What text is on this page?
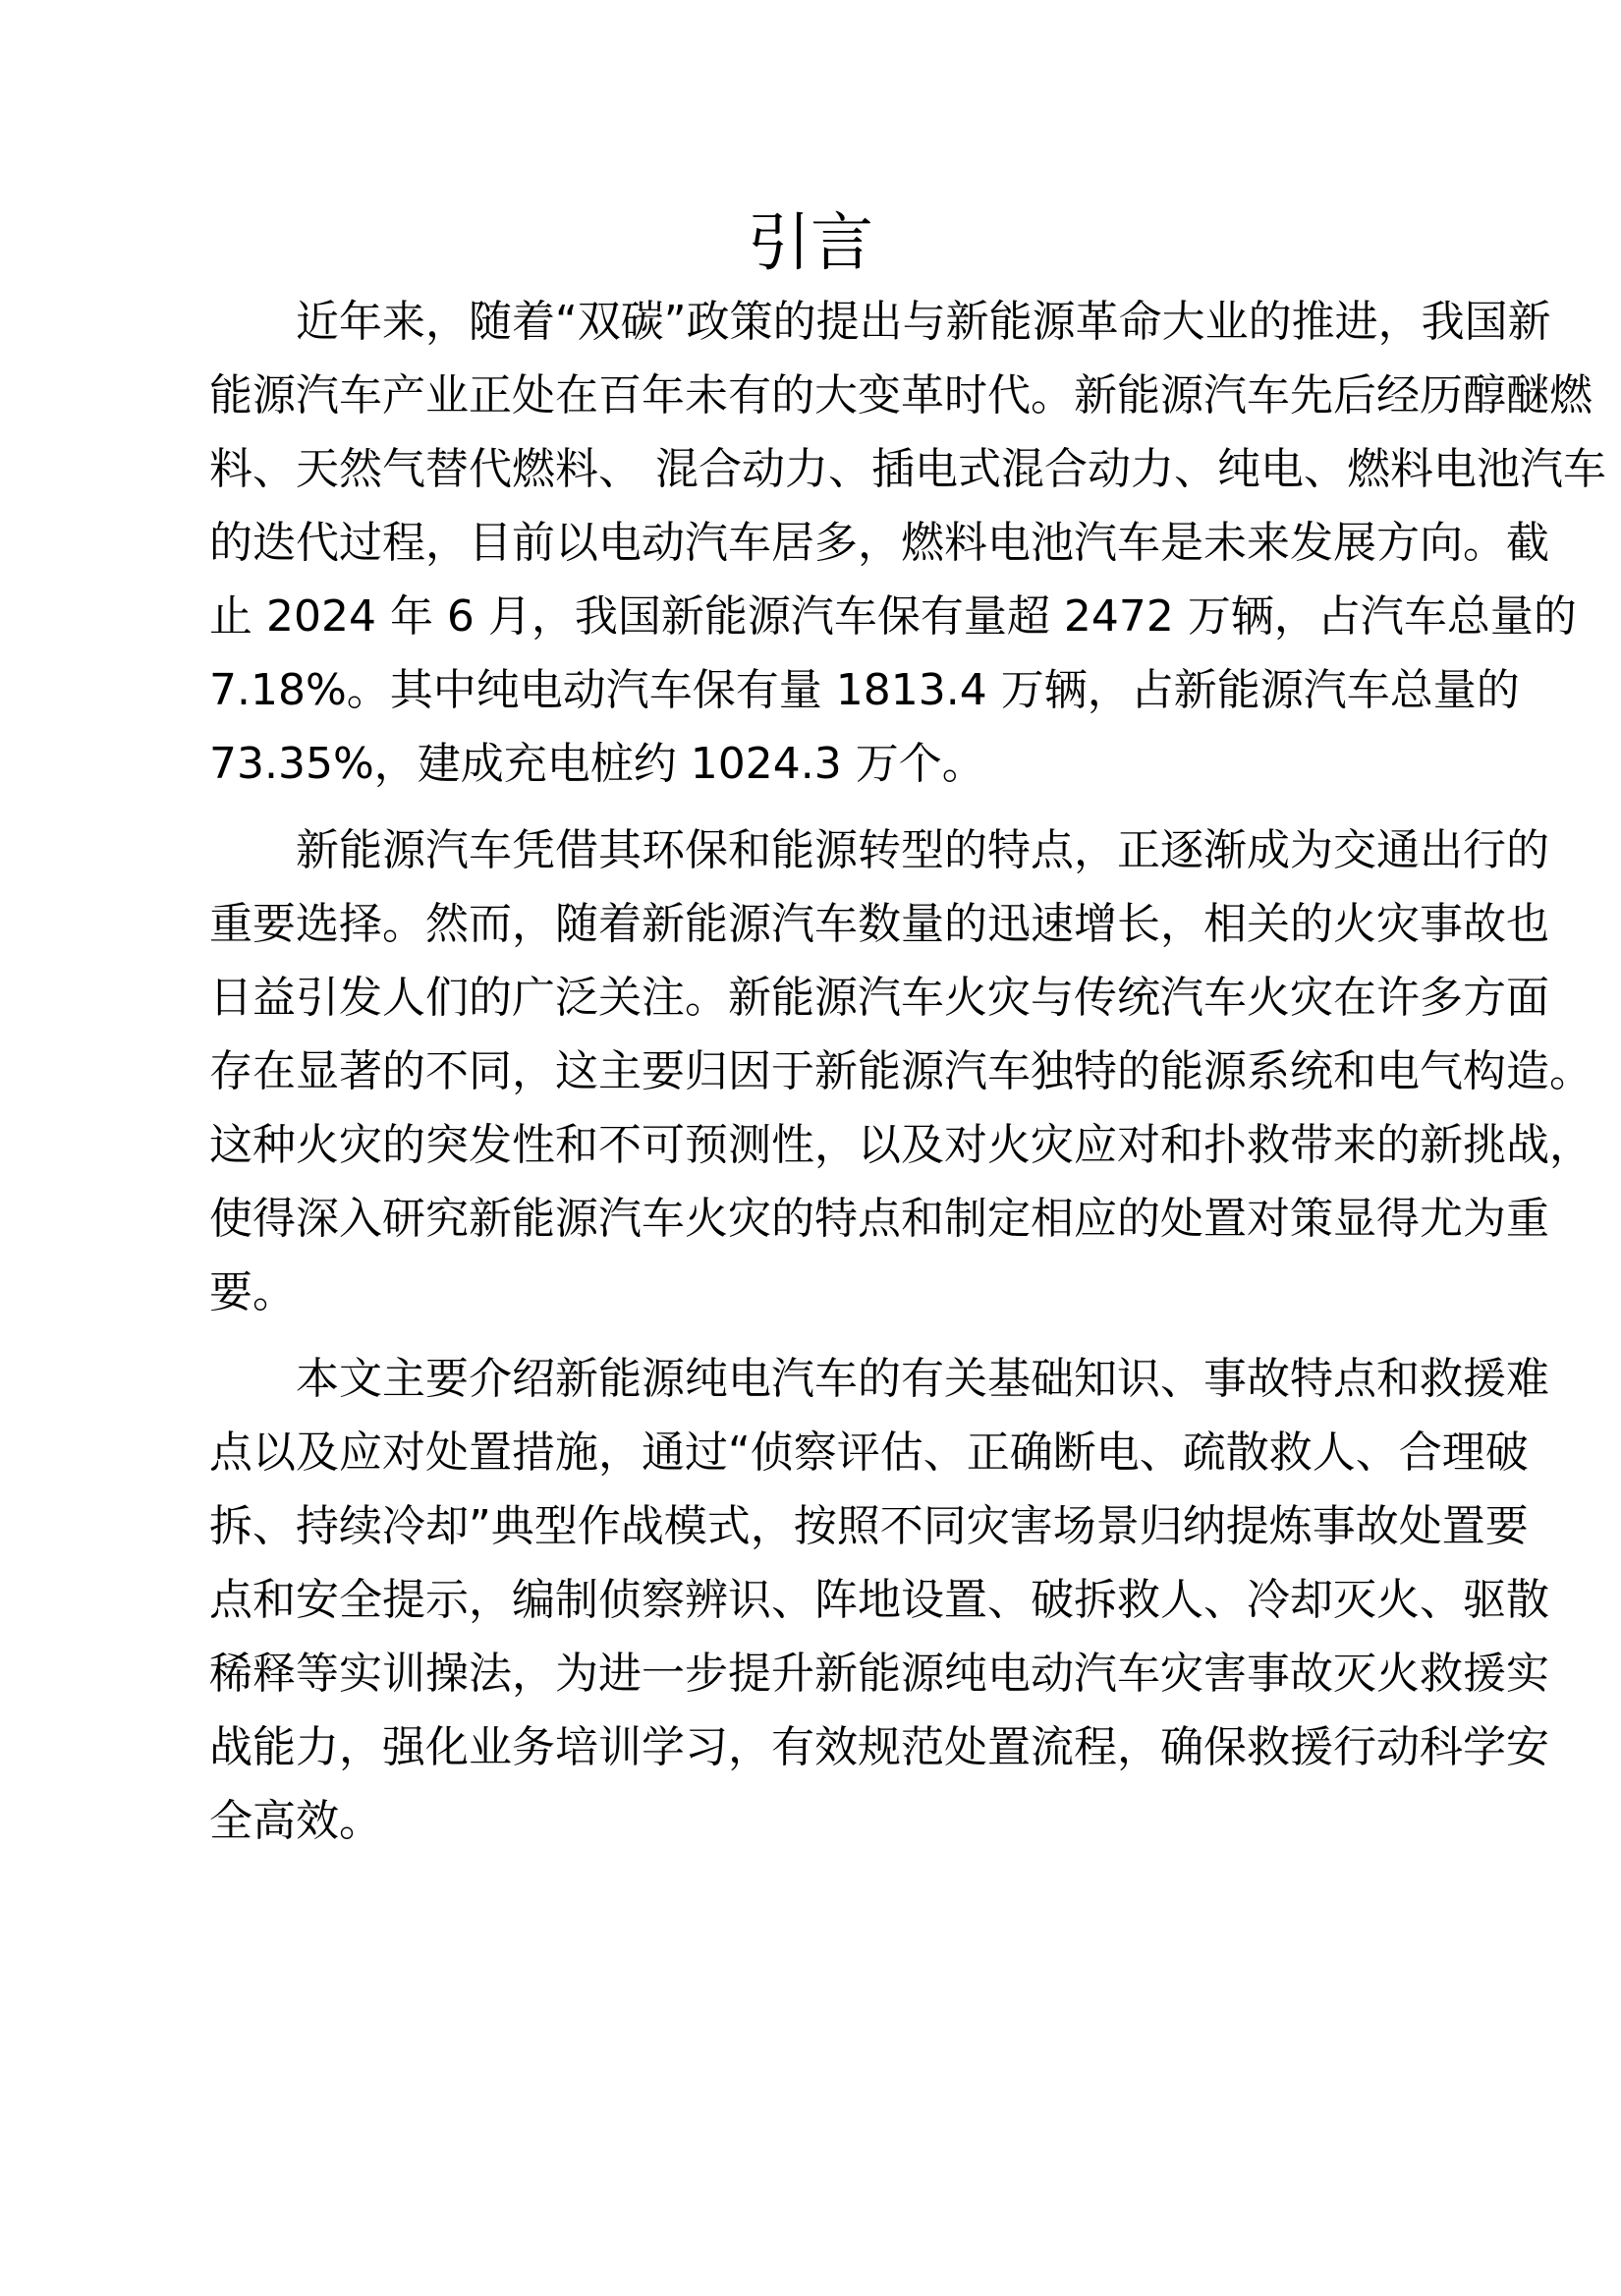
引言
近年来，随着“双碳”政策的提出与新能源革命大业的推进，我国新
能源汽车产业正处在百年未有的大变革时代。新能源汽车先后经历醇醚燃
料、天然气替代燃料、 混合动力、插电式混合动力、纯电、燃料电池汽车
的迭代过程，目前以电动汽车居多，燃料电池汽车是未来发展方向。截
止 2024 年 6 月，我国新能源汽车保有量超 2472 万辆，占汽车总量的
7.18%。其中纯电动汽车保有量 1813.4 万辆，占新能源汽车总量的
73.35%，建成充电桩约 1024.3 万个。
新能源汽车凭借其环保和能源转型的特点，正逐渐成为交通出行的
重要选择。然而，随着新能源汽车数量的迅速增长，相关的火灾事故也
日益引发人们的广泛关注。新能源汽车火灾与传统汽车火灾在许多方面
存在显著的不同，这主要归因于新能源汽车独特的能源系统和电气构造。
这种火灾的突发性和不可预测性，以及对火灾应对和扑救带来的新挑战，
使得深入研究新能源汽车火灾的特点和制定相应的处置对策显得尤为重
要。
本文主要介绍新能源纯电汽车的有关基础知识、事故特点和救援难
点以及应对处置措施，通过“侦察评估、正确断电、疏散救人、合理破
拆、持续冷却”典型作战模式，按照不同灾害场景归纳提炼事故处置要
点和安全提示，编制侦察辨识、阵地设置、破拆救人、冷却灭火、驱散
稀释等实训操法，为进一步提升新能源纯电动汽车灾害事故灭火救援实
战能力，强化业务培训学习，有效规范处置流程，确保救援行动科学安
全高效。
